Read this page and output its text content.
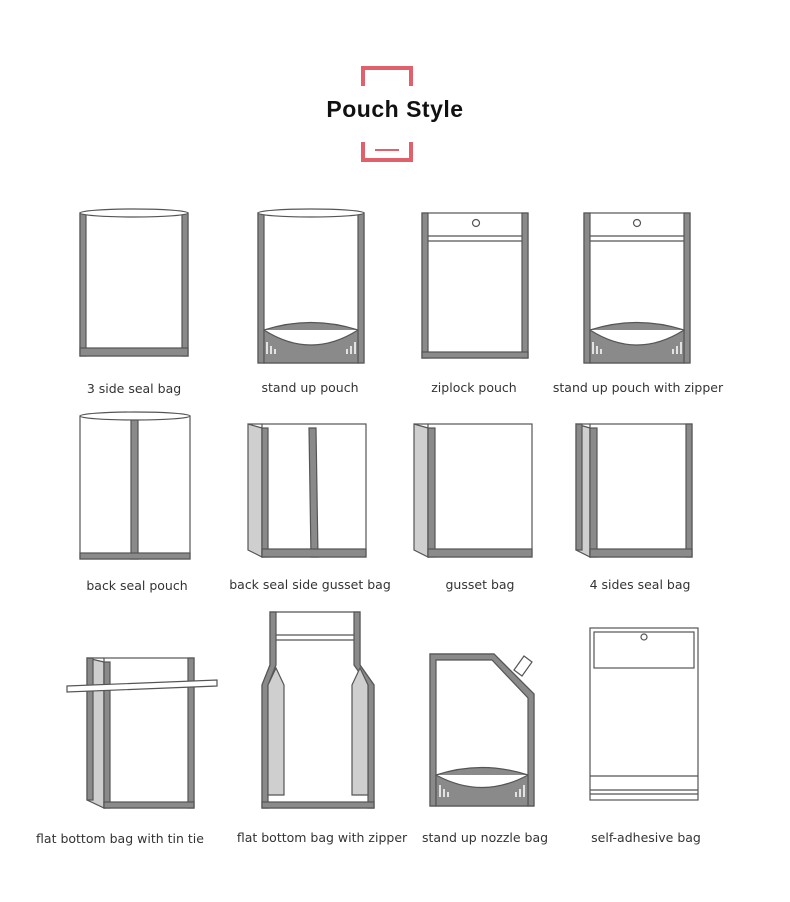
Pouch Style
3 side seal bag	stand up pouch	ziplock pouch	stand up pouch with zipper
back seal pouch	back seal side gusset bag	gusset bag	4 sides seal bag
flat bottom bag with tin tie	flat bottom bag with zipper	stand up nozzle bag	self-adhesive bag
